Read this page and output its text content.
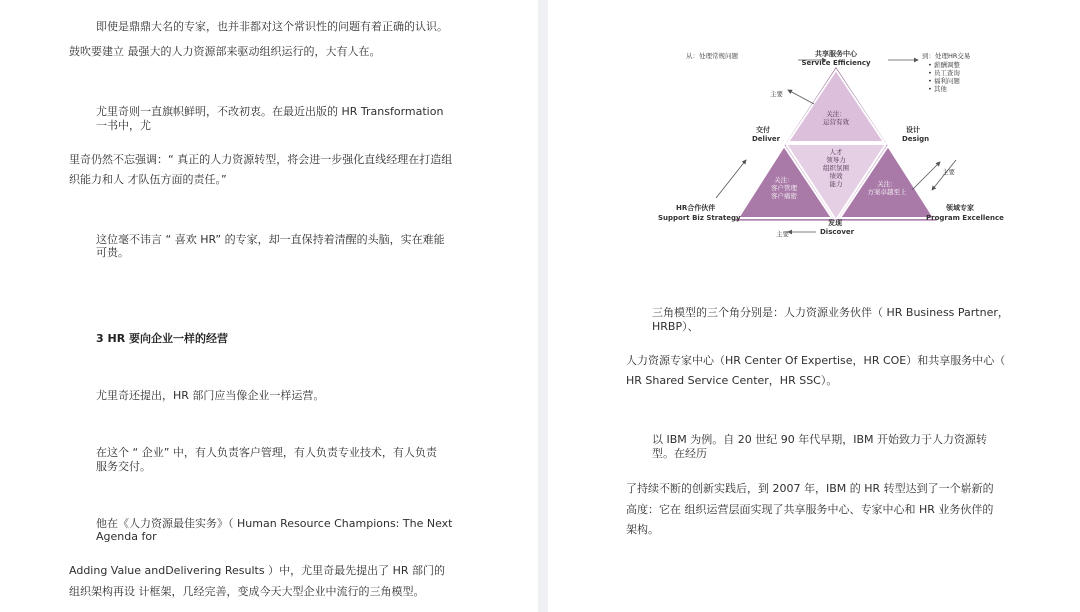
即使是鼎鼎大名的专家，也并非都对这个常识性的问题有着正确的认识。
鼓吹要建立 最强大的人力资源部来驱动组织运行的，大有人在。
尤里奇则一直旗帜鲜明，不改初衷。在最近出版的 HR Transformation
一书中，尤
里奇仍然不忘强调：“ 真正的人力资源转型，将会进一步强化直线经理在打造组
织能力和人 才队伍方面的责任。”
这位毫不讳言 “ 喜欢 HR” 的专家，却一直保持着清醒的头脑，实在难能
可贵。
3 HR 要向企业一样的经营
尤里奇还提出，HR 部门应当像企业一样运营。
在这个 “ 企业” 中，有人负责客户管理，有人负责专业技术，有人负责
服务交付。
他在《人力资源最佳实务》（ Human Resource Champions: The Next
Agenda for
Adding Value andDelivering Results ）中，尤里奇最先提出了 HR 部门的
组织架构再设 计框架，几经完善，变成今天大型企业中流行的三角模型。
从：处理常规问题	共享服务中心
Service Efficiency
到：处理HR交易
• 薪酬调整
• 员工查询
• 福利问题
• 其他
主要
主要
主要
交付
Deliver
设计
Design
发现
Discover
HR合作伙伴
Support Biz Strategy
领域专家
Program Excellence
关注：
运营有效
人才
领导力
组织氛围
绩效
能力
关注：
客户管理
客户痛密
关注：
方案卓越至上
三角模型的三个角分别是：人力资源业务伙伴（ HR Business Partner，
HRBP）、
人力资源专家中心（HR Center Of Expertise，HR COE）和共享服务中心（
HR Shared Service Center，HR SSC）。
以 IBM 为例。自 20 世纪 90 年代早期，IBM 开始致力于人力资源转
型。在经历
了持续不断的创新实践后，到 2007 年，IBM 的 HR 转型达到了一个崭新的
高度：它在 组织运营层面实现了共享服务中心、专家中心和 HR 业务伙伴的
架构。
